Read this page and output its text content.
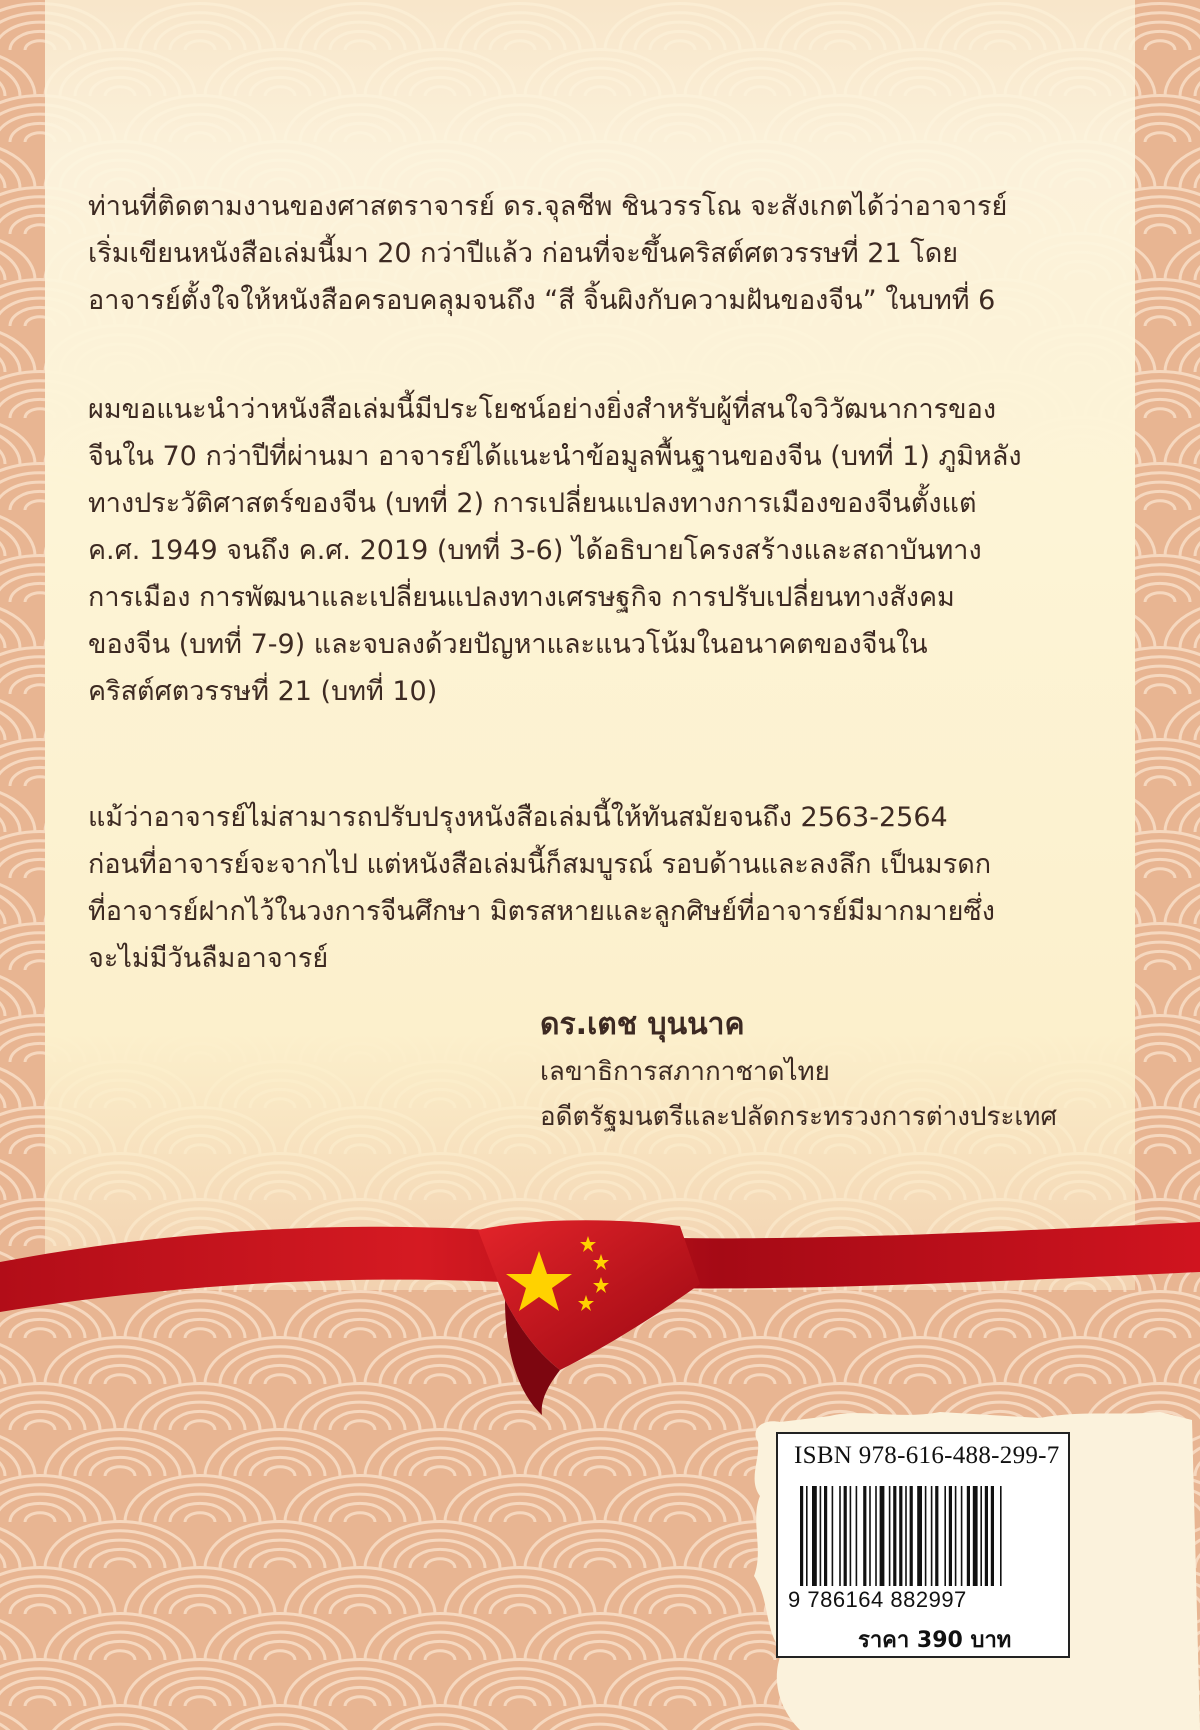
ท่านที่ติดตามงานของศาสตราจารย์ ดร.จุลชีพ ชินวรรโณ จะสังเกตได้ว่าอาจารย์
เริ่มเขียนหนังสือเล่มนี้มา 20 กว่าปีแล้ว ก่อนที่จะขึ้นคริสต์ศตวรรษที่ 21 โดย
อาจารย์ตั้งใจให้หนังสือครอบคลุมจนถึง “สี จิ้นผิงกับความฝันของจีน” ในบทที่ 6
ผมขอแนะนำว่าหนังสือเล่มนี้มีประโยชน์อย่างยิ่งสำหรับผู้ที่สนใจวิวัฒนาการของ
จีนใน 70 กว่าปีที่ผ่านมา อาจารย์ได้แนะนำข้อมูลพื้นฐานของจีน (บทที่ 1) ภูมิหลัง
ทางประวัติศาสตร์ของจีน (บทที่ 2) การเปลี่ยนแปลงทางการเมืองของจีนตั้งแต่
ค.ศ. 1949 จนถึง ค.ศ. 2019 (บทที่ 3-6) ได้อธิบายโครงสร้างและสถาบันทาง
การเมือง การพัฒนาและเปลี่ยนแปลงทางเศรษฐกิจ การปรับเปลี่ยนทางสังคม
ของจีน (บทที่ 7-9) และจบลงด้วยปัญหาและแนวโน้มในอนาคตของจีนใน
คริสต์ศตวรรษที่ 21 (บทที่ 10)
แม้ว่าอาจารย์ไม่สามารถปรับปรุงหนังสือเล่มนี้ให้ทันสมัยจนถึง 2563-2564
ก่อนที่อาจารย์จะจากไป แต่หนังสือเล่มนี้ก็สมบูรณ์ รอบด้านและลงลึก เป็นมรดก
ที่อาจารย์ฝากไว้ในวงการจีนศึกษา มิตรสหายและลูกศิษย์ที่อาจารย์มีมากมายซึ่ง
จะไม่มีวันลืมอาจารย์
ดร.เตช บุนนาค
เลขาธิการสภากาชาดไทย
อดีตรัฐมนตรีและปลัดกระทรวงการต่างประเทศ
ISBN 978-616-488-299-7
9 786164 882997
ราคา 390 บาท
